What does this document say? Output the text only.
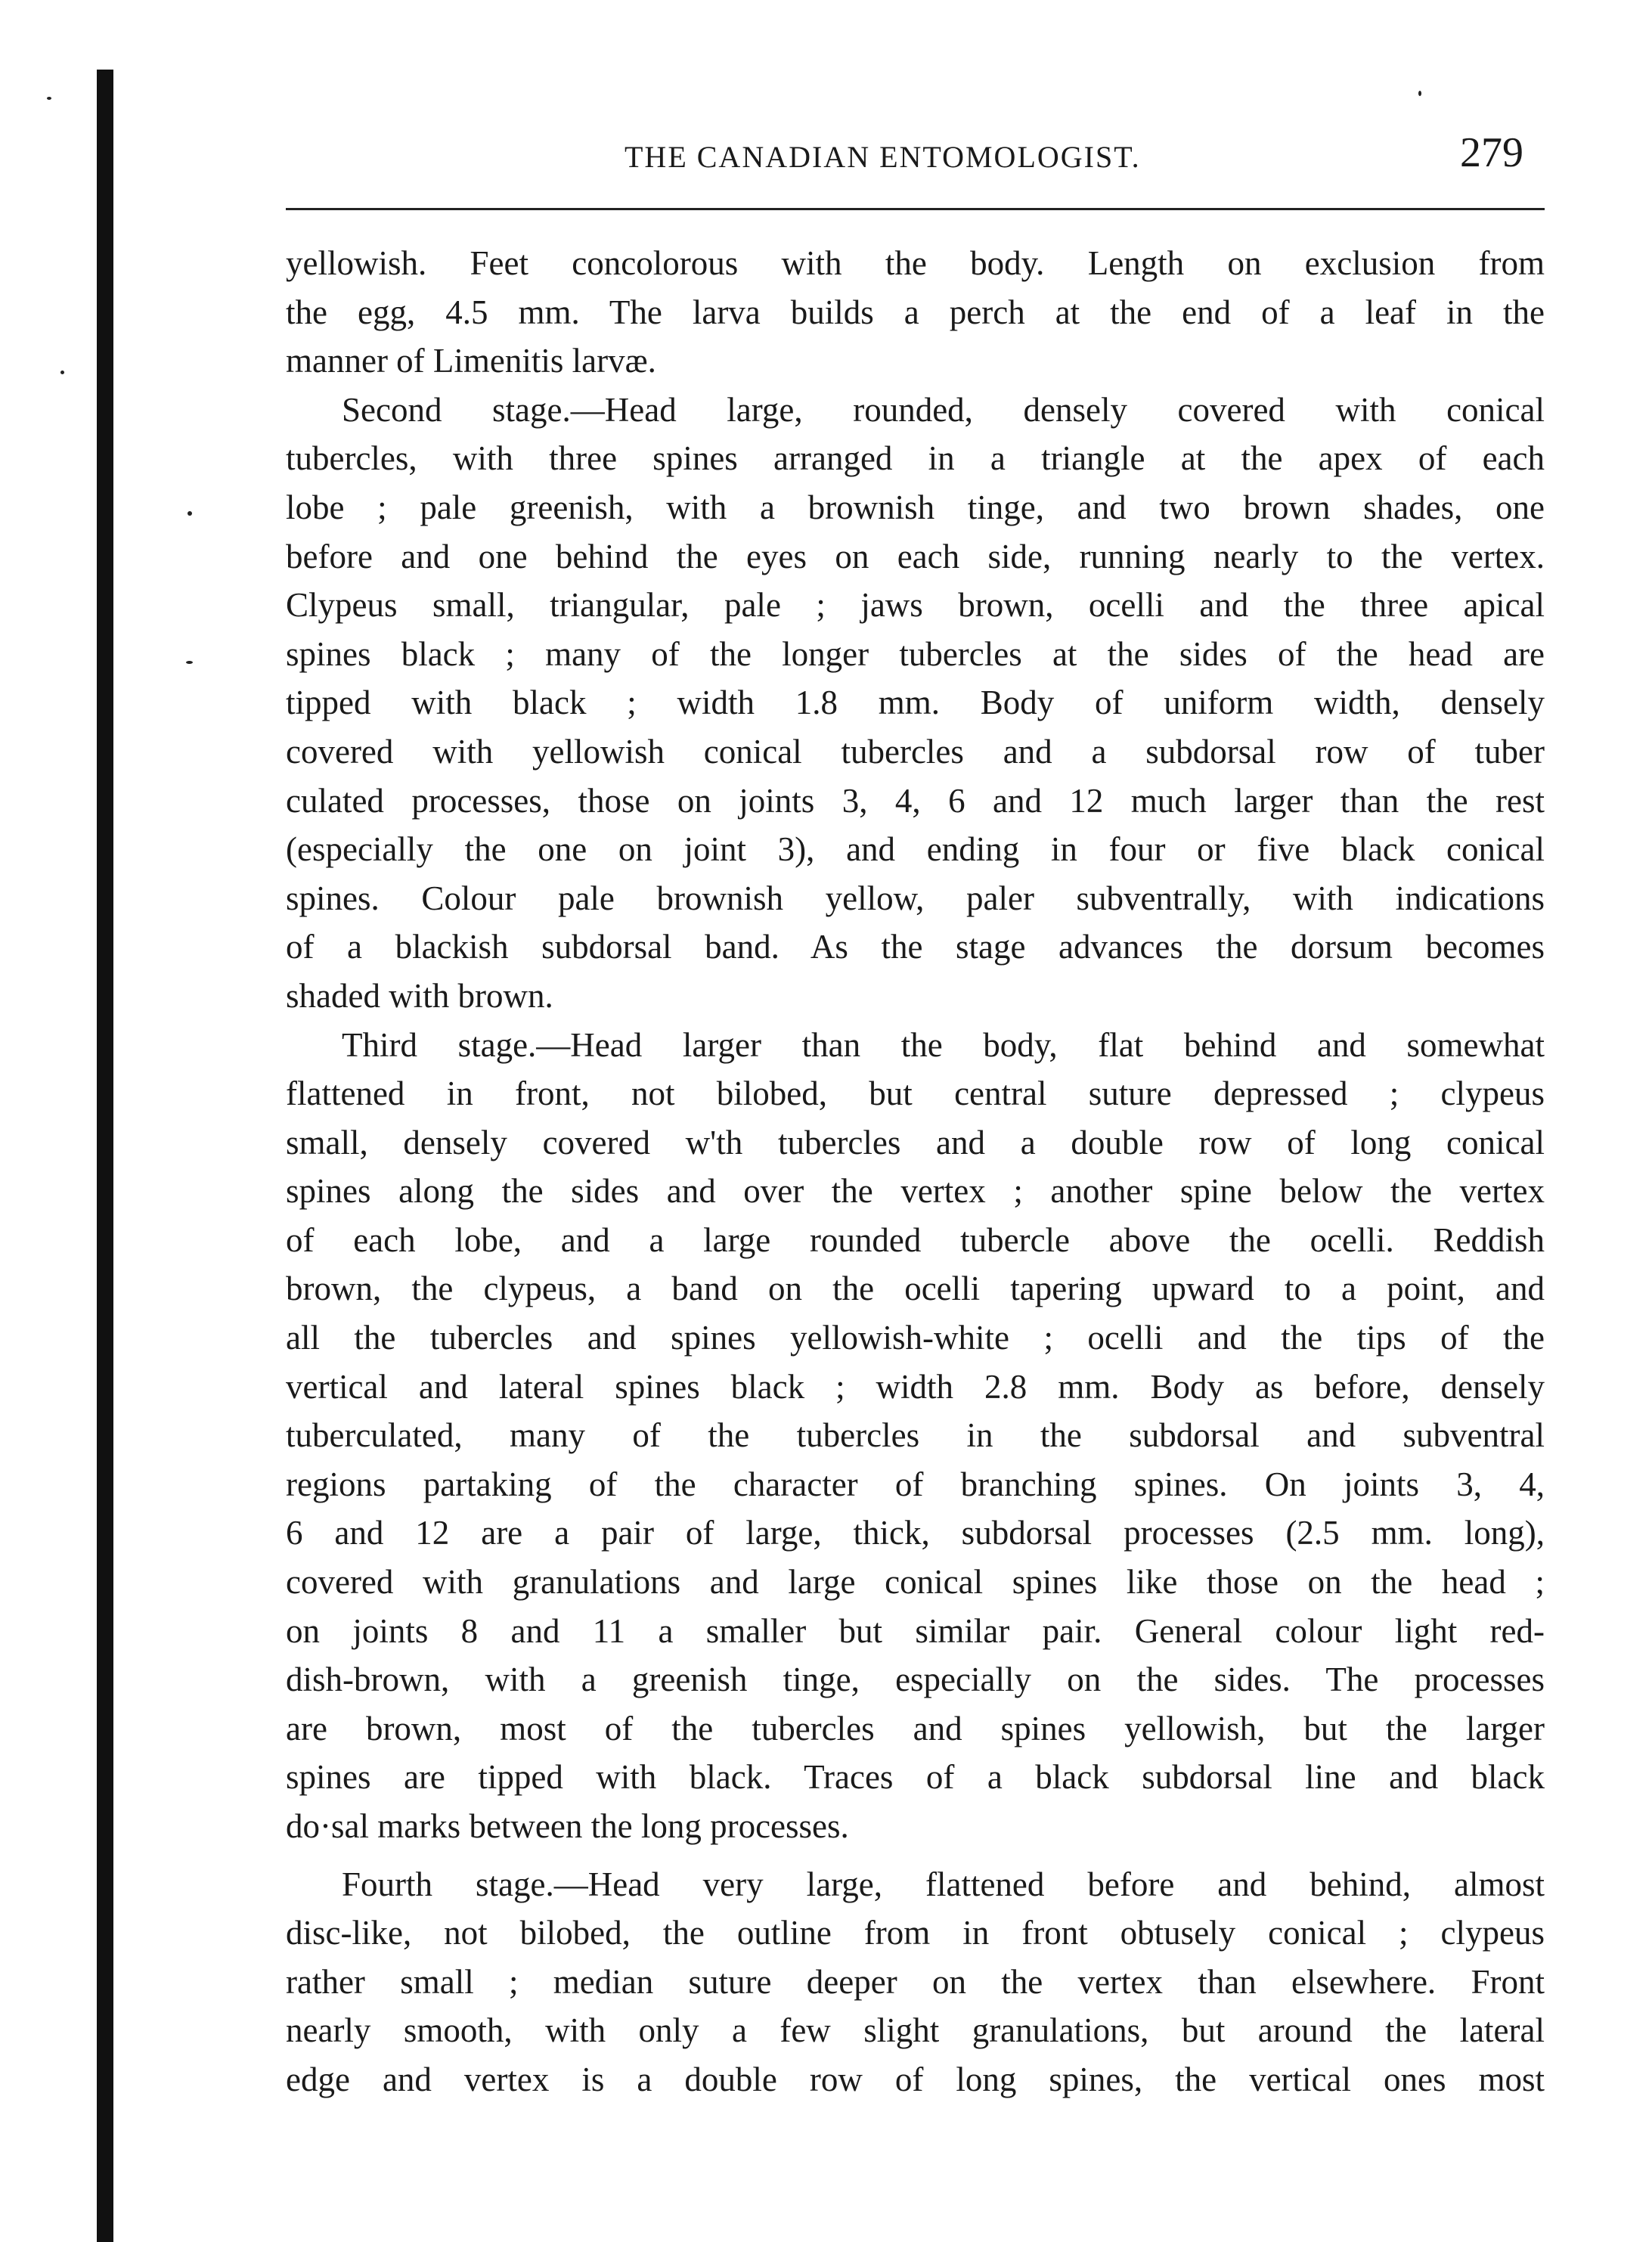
THE CANADIAN ENTOMOLOGIST.	279
yellowish. Feet concolorous with the body. Length on exclusion from
the egg, 4.5 mm. The larva builds a perch at the end of a leaf in the
manner of Limenitis larvæ.
Second stage.—Head large, rounded, densely covered with conical
tubercles, with three spines arranged in a triangle at the apex of each
lobe ; pale greenish, with a brownish tinge, and two brown shades, one
before and one behind the eyes on each side, running nearly to the vertex.
Clypeus small, triangular, pale ; jaws brown, ocelli and the three apical
spines black ; many of the longer tubercles at the sides of the head are
tipped with black ; width 1.8 mm. Body of uniform width, densely
covered with yellowish conical tubercles and a subdorsal row of tuber
culated processes, those on joints 3, 4, 6 and 12 much larger than the rest
(especially the one on joint 3), and ending in four or five black conical
spines. Colour pale brownish yellow, paler subventrally, with indications
of a blackish subdorsal band. As the stage advances the dorsum becomes
shaded with brown.
Third stage.—Head larger than the body, flat behind and somewhat
flattened in front, not bilobed, but central suture depressed ; clypeus
small, densely covered w'th tubercles and a double row of long conical
spines along the sides and over the vertex ; another spine below the vertex
of each lobe, and a large rounded tubercle above the ocelli. Reddish
brown, the clypeus, a band on the ocelli tapering upward to a point, and
all the tubercles and spines yellowish-white ; ocelli and the tips of the
vertical and lateral spines black ; width 2.8 mm. Body as before, densely
tuberculated, many of the tubercles in the subdorsal and subventral
regions partaking of the character of branching spines. On joints 3, 4,
6 and 12 are a pair of large, thick, subdorsal processes (2.5 mm. long),
covered with granulations and large conical spines like those on the head ;
on joints 8 and 11 a smaller but similar pair. General colour light red-
dish-brown, with a greenish tinge, especially on the sides. The processes
are brown, most of the tubercles and spines yellowish, but the larger
spines are tipped with black. Traces of a black subdorsal line and black
do·sal marks between the long processes.
Fourth stage.—Head very large, flattened before and behind, almost
disc-like, not bilobed, the outline from in front obtusely conical ; clypeus
rather small ; median suture deeper on the vertex than elsewhere. Front
nearly smooth, with only a few slight granulations, but around the lateral
edge and vertex is a double row of long spines, the vertical ones most
